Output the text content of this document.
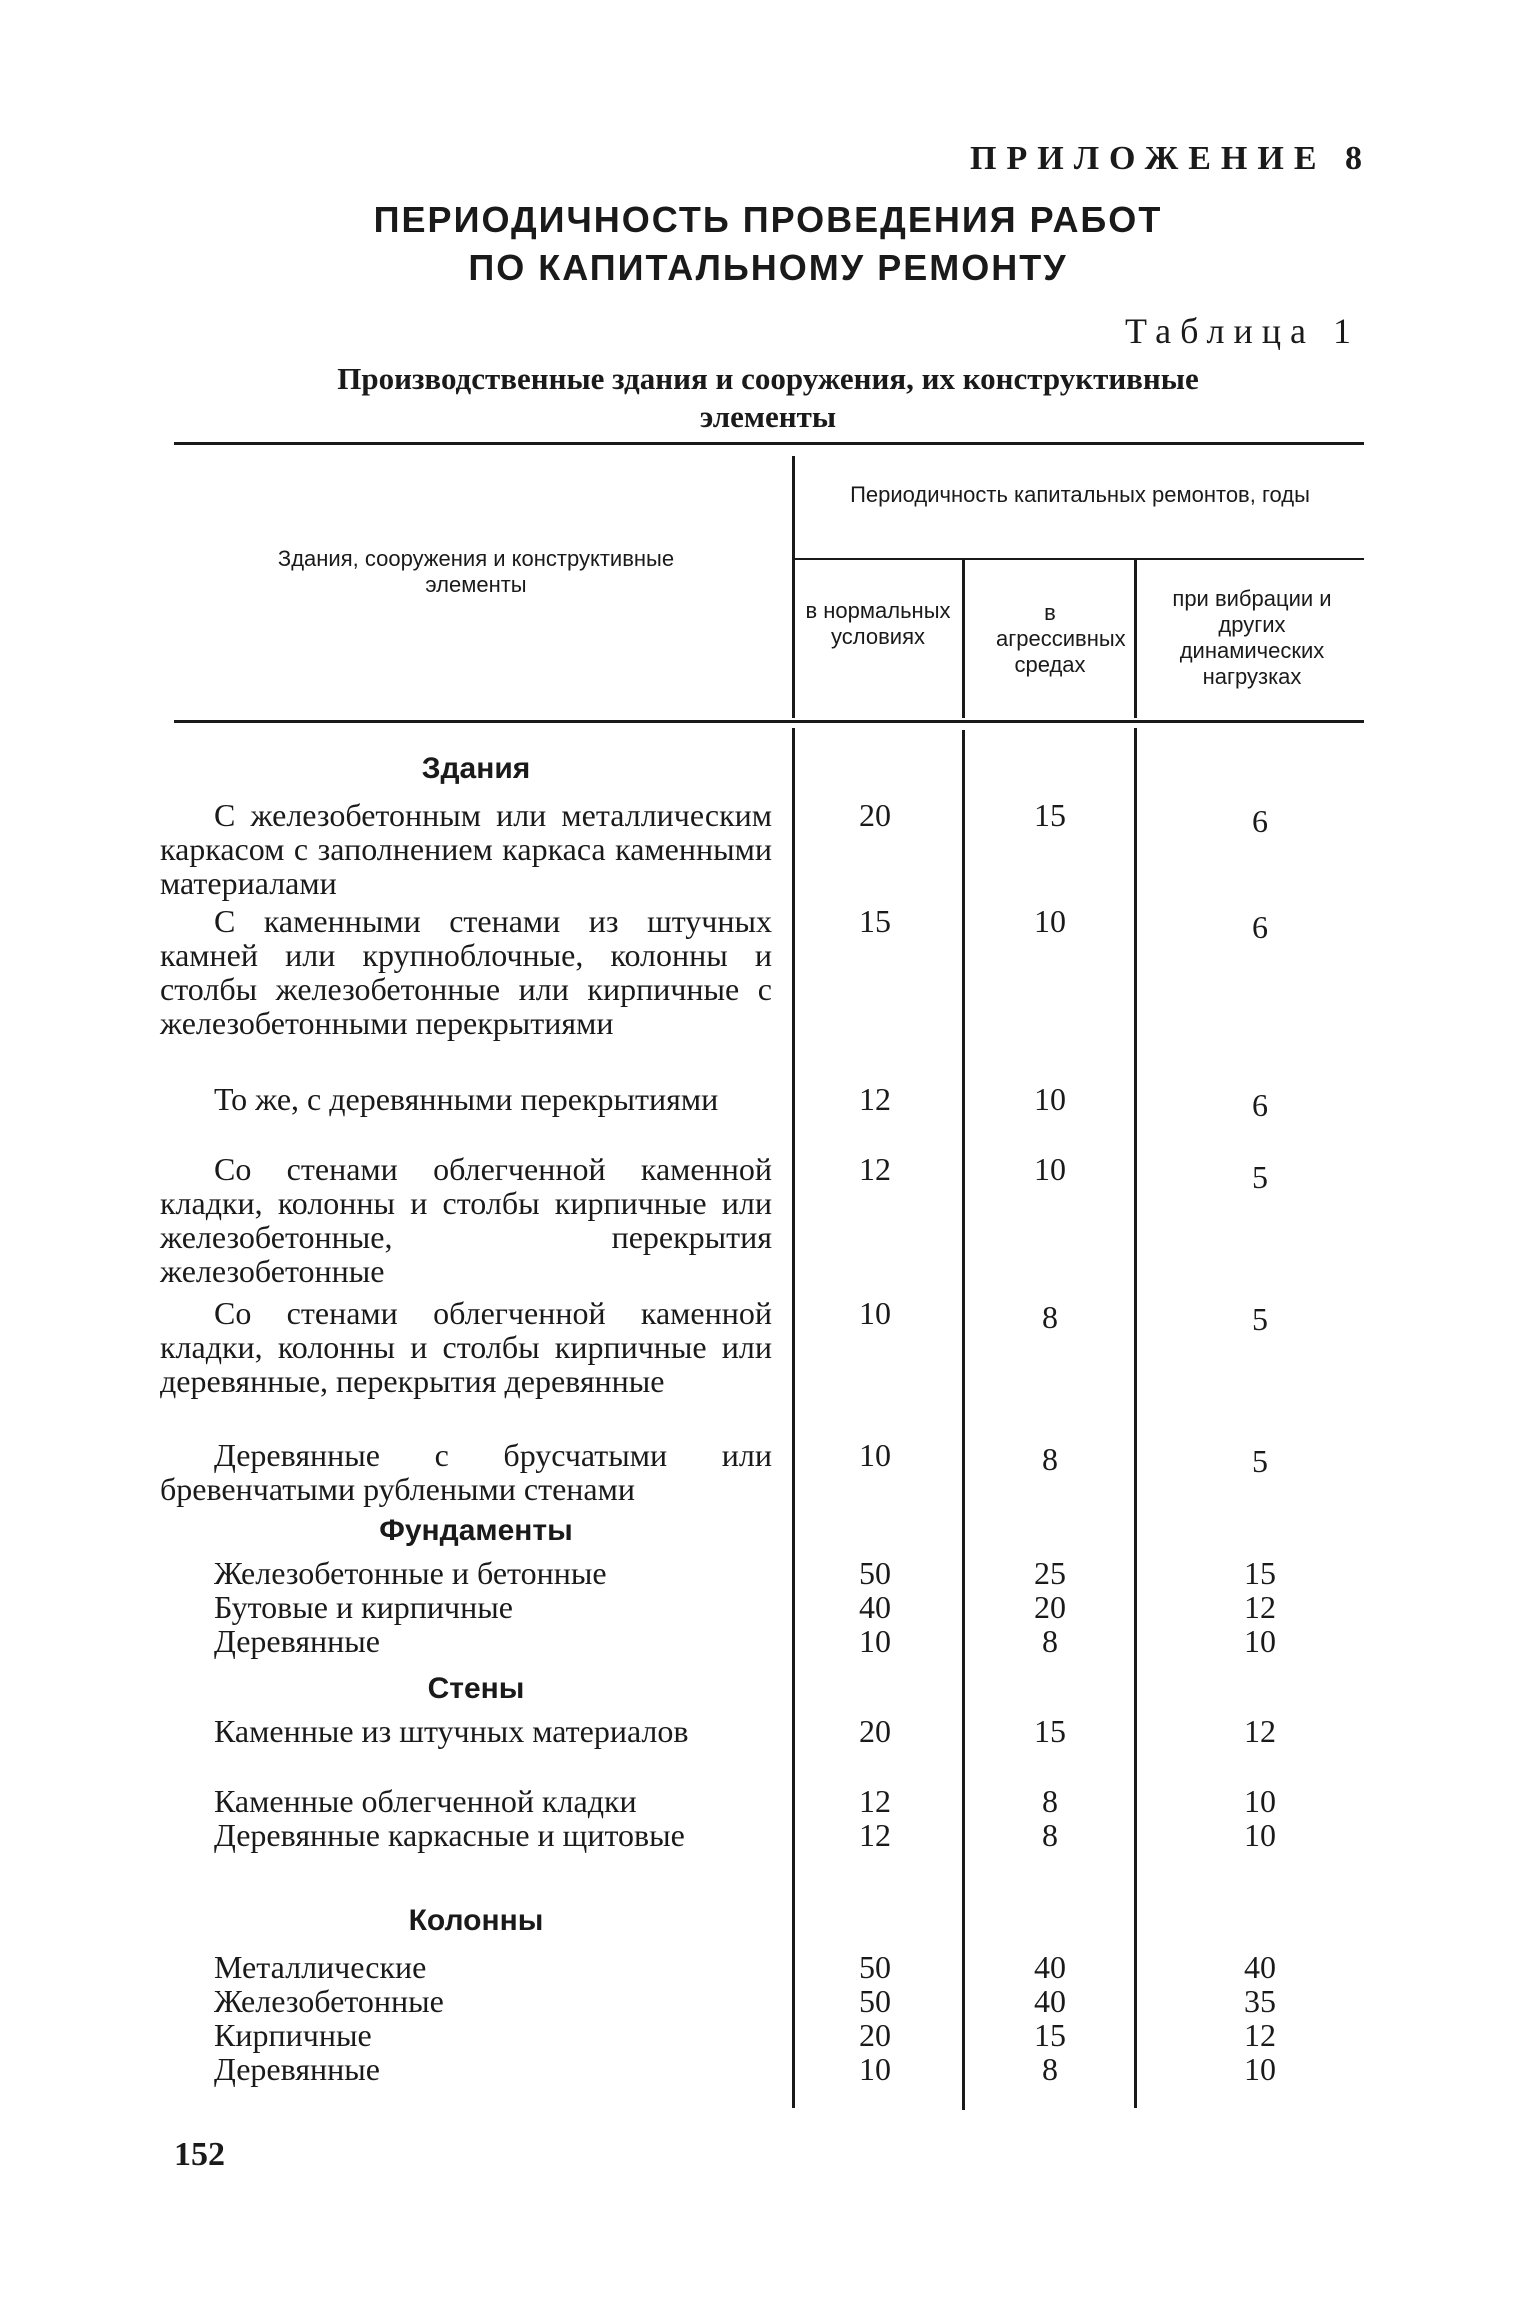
ПРИЛОЖЕНИЕ 8
ПЕРИОДИЧНОСТЬ ПРОВЕДЕНИЯ РАБОТ
ПО КАПИТАЛЬНОМУ РЕМОНТУ
Таблица 1
Производственные здания и сооружения, их конструктивные
элементы
Здания, сооружения и конструктивные элементы
Периодичность капитальных ремонтов, годы
в нормальных условиях
в агрессивных средах
при вибрации и других динамических нагрузках
Здания
С железобетонным или металлическим каркасом с заполнением каркаса каменными материалами
20	15	6
С каменными стенами из штучных камней или крупноблочные, колонны и столбы железобетонные или кирпичные с железобетонными перекрытиями
15	10	6
То же, с деревянными перекрытиями	12	10	6
Со стенами облегченной каменной кладки, колонны и столбы кирпичные или железобетонные, перекрытия железобетонные
12	10	5
Со стенами облегченной каменной кладки, колонны и столбы кирпичные или деревянные, перекрытия деревянные
10	8	5
Деревянные с брусчатыми или бревенчатыми рублеными стенами
10	8	5
Фундаменты
Железобетонные и бетонные	50	25	15
Бутовые и кирпичные	40	20	12
Деревянные	10	8	10
Стены
Каменные из штучных материалов	20	15	12
Каменные облегченной кладки	12	8	10
Деревянные каркасные и щитовые	12	8	10
Колонны
Металлические	50	40	40
Железобетонные	50	40	35
Кирпичные	20	15	12
Деревянные	10	8	10
152
